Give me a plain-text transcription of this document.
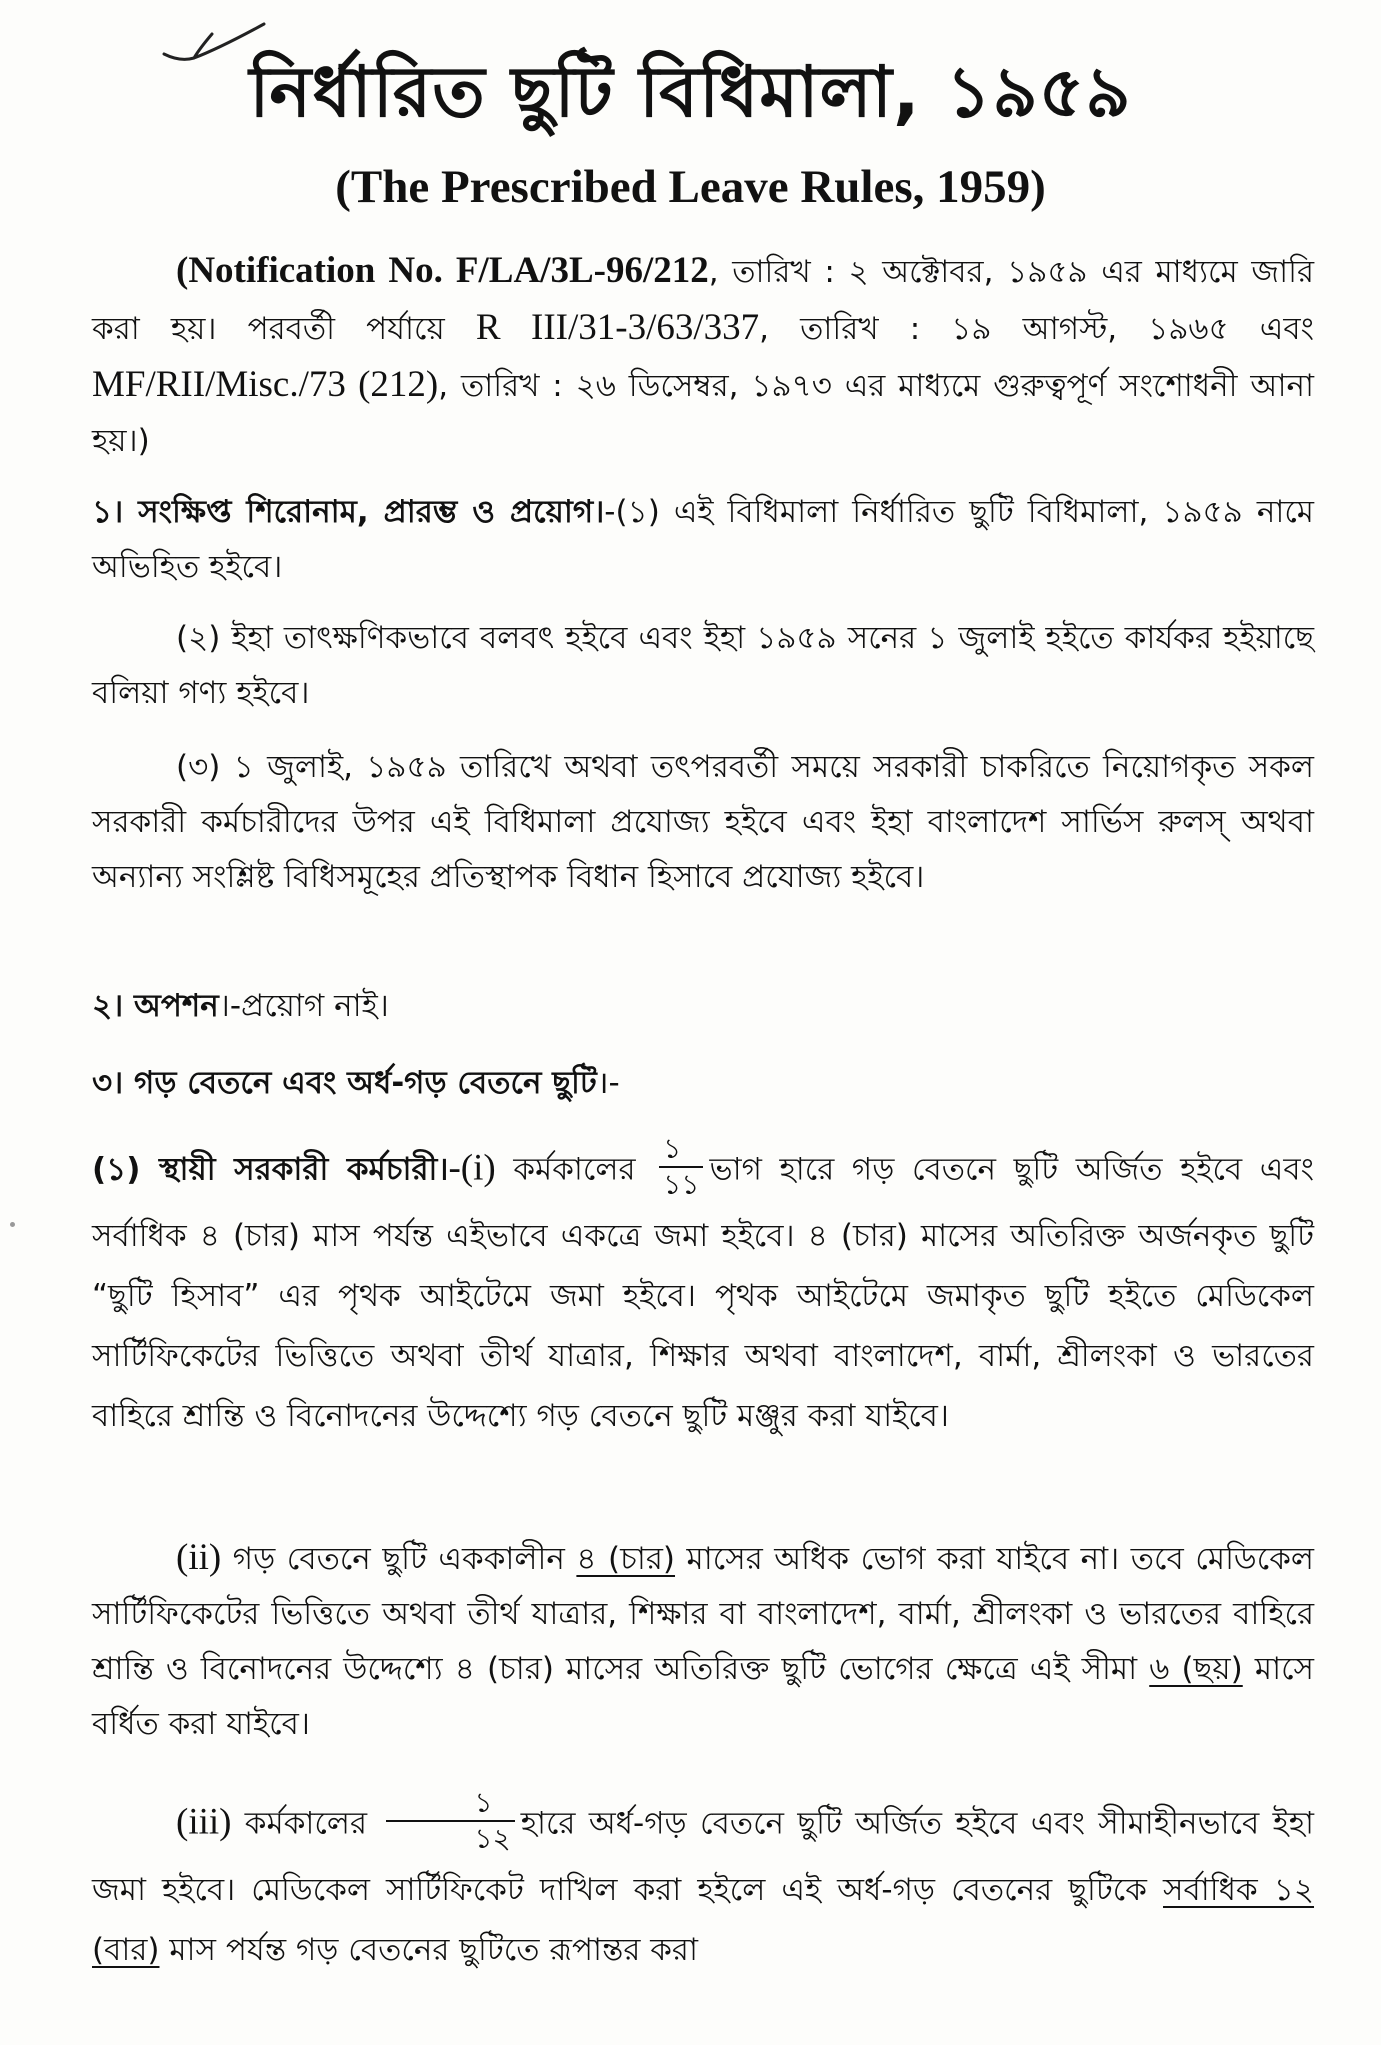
নির্ধারিত ছুটি বিধিমালা, ১৯৫৯
(The Prescribed Leave Rules, 1959)
(Notification No. F/LA/3L-96/212, তারিখ : ২ অক্টোবর, ১৯৫৯ এর মাধ্যমে জারি করা হয়। পরবর্তী পর্যায়ে R III/31-3/63/337, তারিখ : ১৯ আগস্ট, ১৯৬৫ এবং MF/RII/Misc./73 (212), তারিখ : ২৬ ডিসেম্বর, ১৯৭৩ এর মাধ্যমে গুরুত্বপূর্ণ সংশোধনী আনা হয়।)
১। সংক্ষিপ্ত শিরোনাম, প্রারম্ভ ও প্রয়োগ।-(১) এই বিধিমালা নির্ধারিত ছুটি বিধিমালা, ১৯৫৯ নামে অভিহিত হইবে।
(২) ইহা তাৎক্ষণিকভাবে বলবৎ হইবে এবং ইহা ১৯৫৯ সনের ১ জুলাই হইতে কার্যকর হইয়াছে বলিয়া গণ্য হইবে।
(৩) ১ জুলাই, ১৯৫৯ তারিখে অথবা তৎপরবর্তী সময়ে সরকারী চাকরিতে নিয়োগকৃত সকল সরকারী কর্মচারীদের উপর এই বিধিমালা প্রযোজ্য হইবে এবং ইহা বাংলাদেশ সার্ভিস রুলস্ অথবা অন্যান্য সংশ্লিষ্ট বিধিসমূহের প্রতিস্থাপক বিধান হিসাবে প্রযোজ্য হইবে।
২। অপশন।-প্রয়োগ নাই।
৩। গড় বেতনে এবং অর্ধ-গড় বেতনে ছুটি।-
(১) স্থায়ী সরকারী কর্মচারী।-(i) কর্মকালের $\frac{১}{১১}$ ভাগ হারে গড় বেতনে ছুটি অর্জিত হইবে এবং সর্বাধিক ৪ (চার) মাস পর্যন্ত এইভাবে একত্রে জমা হইবে। ৪ (চার) মাসের অতিরিক্ত অর্জনকৃত ছুটি “ছুটি হিসাব” এর পৃথক আইটেমে জমা হইবে। পৃথক আইটেমে জমাকৃত ছুটি হইতে মেডিকেল সার্টিফিকেটের ভিত্তিতে অথবা তীর্থ যাত্রার, শিক্ষার অথবা বাংলাদেশ, বার্মা, শ্রীলংকা ও ভারতের বাহিরে শ্রান্তি ও বিনোদনের উদ্দেশ্যে গড় বেতনে ছুটি মঞ্জুর করা যাইবে।
(ii) গড় বেতনে ছুটি এককালীন ৪ (চার) মাসের অধিক ভোগ করা যাইবে না। তবে মেডিকেল সার্টিফিকেটের ভিত্তিতে অথবা তীর্থ যাত্রার, শিক্ষার বা বাংলাদেশ, বার্মা, শ্রীলংকা ও ভারতের বাহিরে শ্রান্তি ও বিনোদনের উদ্দেশ্যে ৪ (চার) মাসের অতিরিক্ত ছুটি ভোগের ক্ষেত্রে এই সীমা ৬ (ছয়) মাসে বর্ধিত করা যাইবে।
(iii) কর্মকালের $\frac{১}{১২}$ হারে অর্ধ-গড় বেতনে ছুটি অর্জিত হইবে এবং সীমাহীনভাবে ইহা জমা হইবে। মেডিকেল সার্টিফিকেট দাখিল করা হইলে এই অর্ধ-গড় বেতনের ছুটিকে সর্বাধিক ১২ (বার) মাস পর্যন্ত গড় বেতনের ছুটিতে রূপান্তর করা
